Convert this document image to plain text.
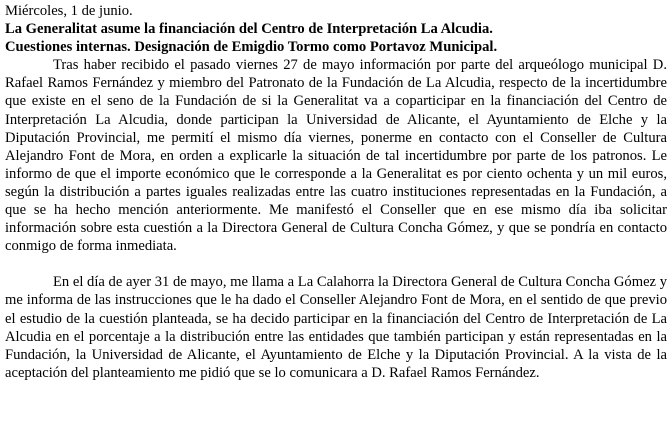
Miércoles, 1 de junio.

La Generalitat asume la financiación del Centro de Interpretación La Alcudia.

Cuestiones internas. Designación de Emigdio Tormo como Portavoz Municipal.

Tras haber recibido el pasado viernes 27 de mayo información por parte del arqueólogo municipal D. Rafael Ramos Fernández y miembro del Patronato de la Fundación de La Alcudia, respecto de la incertidumbre que existe en el seno de la Fundación de si la Generalitat va a coparticipar en la financiación del Centro de Interpretación La Alcudia, donde participan la Universidad de Alicante, el Ayuntamiento de Elche y la Diputación Provincial, me permití el mismo día viernes, ponerme en contacto con el Conseller de Cultura Alejandro Font de Mora, en orden a explicarle la situación de tal incertidumbre por parte de los patronos. Le informo de que el importe económico que le corresponde a la Generalitat es por ciento ochenta y un mil euros, según la distribución a partes iguales realizadas entre las cuatro instituciones representadas en la Fundación, a que se ha hecho mención anteriormente. Me manifestó el Conseller que en ese mismo día iba solicitar información sobre esta cuestión a la Directora General de Cultura Concha Gómez, y que se pondría en contacto conmigo de forma inmediata.

En el día de ayer 31 de mayo, me llama a La Calahorra la Directora General de Cultura Concha Gómez y me informa de las instrucciones que le ha dado el Conseller Alejandro Font de Mora, en el sentido de que previo el estudio de la cuestión planteada, se ha decido participar en la financiación del Centro de Interpretación de La Alcudia en el porcentaje a la distribución entre las entidades que también participan y están representadas en la Fundación, la Universidad de Alicante, el Ayuntamiento de Elche y la Diputación Provincial. A la vista de la aceptación del planteamiento me pidió que se lo comunicara a D. Rafael Ramos Fernández.
